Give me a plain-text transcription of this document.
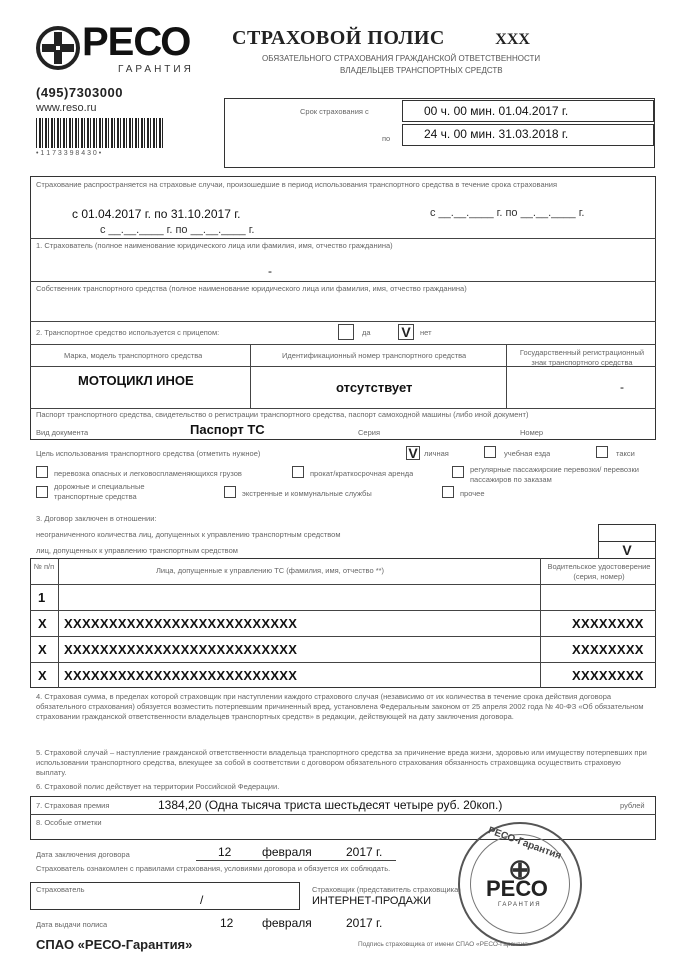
РЕСО
ГАРАНТИЯ
(495)7303000
www.reso.ru
• 1 1 7 3 3 9 8 4 3 0 •
СТРАХОВОЙ ПОЛИС	XXX
ОБЯЗАТЕЛЬНОГО СТРАХОВАНИЯ ГРАЖДАНСКОЙ ОТВЕТСТВЕННОСТИ
ВЛАДЕЛЬЦЕВ ТРАНСПОРТНЫХ СРЕДСТВ
Срок страхования с	00 ч. 00 мин. 01.04.2017 г.
по	24 ч. 00 мин. 31.03.2018 г.
Страхование распространяется на страховые случаи, произошедшие в период использования транспортного средства в течение срока страхования
с 01.04.2017 г. по 31.10.2017 г.	с __.__.____ г. по __.__.____ г.
с __.__.____ г. по __.__.____ г.
1. Страхователь (полное наименование юридического лица или фамилия, имя, отчество гражданина)
-
Собственник транспортного средства (полное наименование юридического лица или фамилия, имя, отчество гражданина)
2. Транспортное средство используется с прицепом:	да V	нет
Марка, модель транспортного средства	Идентификационный номер транспортного средства	Государственный регистрационный знак транспортного средства
МОТОЦИКЛ ИНОЕ	отсутствует	-
Паспорт транспортного средства, свидетельство о регистрации транспортного средства, паспорт самоходной машины (либо иной документ)
Вид документа	Паспорт ТС	Серия	Номер
Цель использования транспортного средства (отметить нужное)	V личная	учебная езда	такси
перевозка опасных и легковоспламеняющихся грузов	прокат/краткосрочная аренда	регулярные пассажирские перевозки/ перевозки пассажиров по заказам
дорожные и специальные транспортные средства	экстренные и коммунальные службы	прочее
3. Договор заключен в отношении:
неограниченного количества лиц, допущенных к управлению транспортным средством
лиц, допущенных к управлению транспортным средством	V
№ п/п	Лица, допущенные к управлению ТС (фамилия, имя, отчество **)	Водительское удостоверение (серия, номер)
1
X XXXXXXXXXXXXXXXXXXXXXXXXXX	XXXXXXXX
X XXXXXXXXXXXXXXXXXXXXXXXXXX	XXXXXXXX
X XXXXXXXXXXXXXXXXXXXXXXXXXX	XXXXXXXX
4. Страховая сумма, в пределах которой страховщик при наступлении каждого страхового случая (независимо от их количества в течение срока действия договора обязательного страхования) обязуется возместить потерпевшим причиненный вред, установлена Федеральным законом от 25 апреля 2002 года № 40-ФЗ «Об обязательном страховании гражданской ответственности владельцев транспортных средств» в редакции, действующей на дату заключения договора.
5. Страховой случай – наступление гражданской ответственности владельца транспортного средства за причинение вреда жизни, здоровью или имуществу потерпевших при использовании транспортного средства, влекущее за собой в соответствии с договором обязательного страхования обязанность страховщика осуществить страховую выплату.
6. Страховой полис действует на территории Российской Федерации.
7. Страховая премия	1384,20 (Одна тысяча триста шестьдесят четыре руб. 20коп.)	рублей
8. Особые отметки
Дата заключения договора	12	февраля	2017 г.
Страхователь ознакомлен с правилами страхования, условиями договора и обязуется их соблюдать.
Страхователь
/
Страховщик (представитель страховщика)
ИНТЕРНЕТ-ПРОДАЖИ
Дата выдачи полиса	12 февраля	2017 г.
СПАО «РЕСО-Гарантия»	Подпись страховщика от имени СПАО «РЕСО-Гарантия»
РЕСО-Гарантия
РЕСО
ГАРАНТИЯ
